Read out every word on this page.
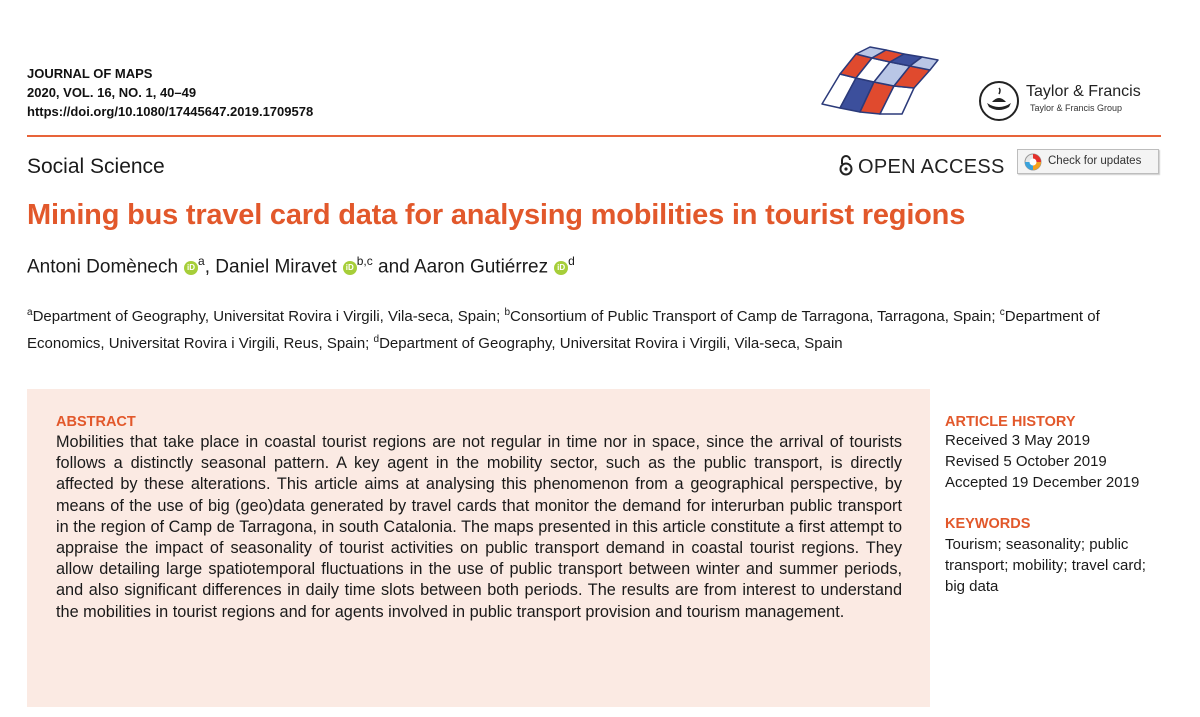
JOURNAL OF MAPS
2020, VOL. 16, NO. 1, 40–49
https://doi.org/10.1080/17445647.2019.1709578
Taylor & Francis
Taylor & Francis Group
Social Science	OPEN ACCESS	Check for updates
Mining bus travel card data for analysing mobilities in tourist regions
Antoni Domènech iD $^a$, Daniel Miravet iD $^{b,c}$ and Aaron Gutiérrez iD $^d$
$^a$Department of Geography, Universitat Rovira i Virgili, Vila-seca, Spain; $^b$Consortium of Public Transport of Camp de Tarragona, Tarragona, Spain; $^c$Department of Economics, Universitat Rovira i Virgili, Reus, Spain; $^d$Department of Geography, Universitat Rovira i Virgili, Vila-seca, Spain
ABSTRACT
Mobilities that take place in coastal tourist regions are not regular in time nor in space, since the arrival of tourists follows a distinctly seasonal pattern. A key agent in the mobility sector, such as the public transport, is directly affected by these alterations. This article aims at analysing this phenomenon from a geographical perspective, by means of the use of big (geo)data generated by travel cards that monitor the demand for interurban public transport in the region of Camp de Tarragona, in south Catalonia. The maps presented in this article constitute a first attempt to appraise the impact of seasonality of tourist activities on public transport demand in coastal tourist regions. They allow detailing large spatiotemporal fluctuations in the use of public transport between winter and summer periods, and also significant differences in daily time slots between both periods. The results are from interest to understand the mobilities in tourist regions and for agents involved in public transport provision and tourism management.
ARTICLE HISTORY
Received 3 May 2019
Revised 5 October 2019
Accepted 19 December 2019
KEYWORDS
Tourism; seasonality; public transport; mobility; travel card; big data
